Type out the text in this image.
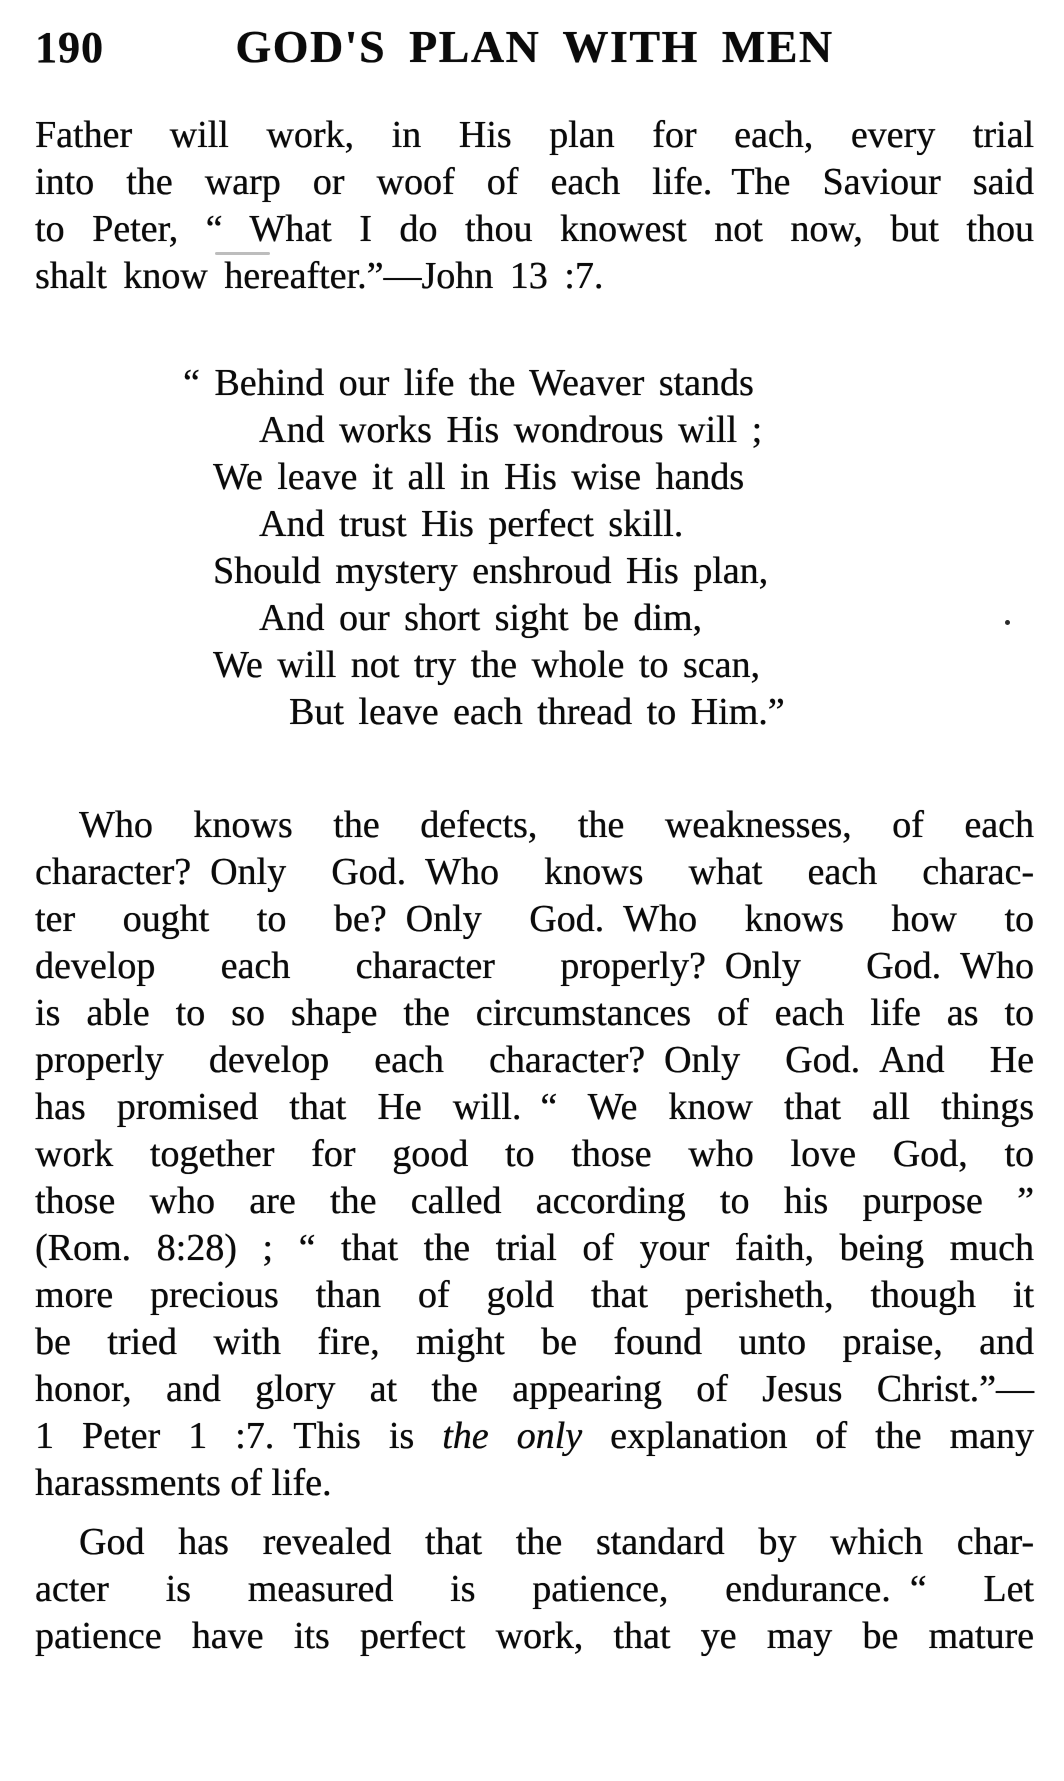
190	GOD'S PLAN WITH MEN
Father will work, in His plan for each, every trial
into the warp or woof of each life. The Saviour said
to Peter, “ What I do thou knowest not now, but thou
shalt know hereafter.”—John 13 :7.
“ Behind our life the Weaver stands
And works His wondrous will ;
We leave it all in His wise hands
And trust His perfect skill.
Should mystery enshroud His plan,
And our short sight be dim,
We will not try the whole to scan,
But leave each thread to Him.”
Who knows the defects, the weaknesses, of each
character? Only God. Who knows what each charac-
ter ought to be? Only God. Who knows how to
develop each character properly? Only God. Who
is able to so shape the circumstances of each life as to
properly develop each character? Only God. And He
has promised that He will. “ We know that all things
work together for good to those who love God, to
those who are the called according to his purpose ”
(Rom. 8:28) ; “ that the trial of your faith, being much
more precious than of gold that perisheth, though it
be tried with fire, might be found unto praise, and
honor, and glory at the appearing of Jesus Christ.”—
1 Peter 1 :7. This is the only explanation of the many
harassments of life.
God has revealed that the standard by which char-
acter is measured is patience, endurance. “ Let
patience have its perfect work, that ye may be mature
